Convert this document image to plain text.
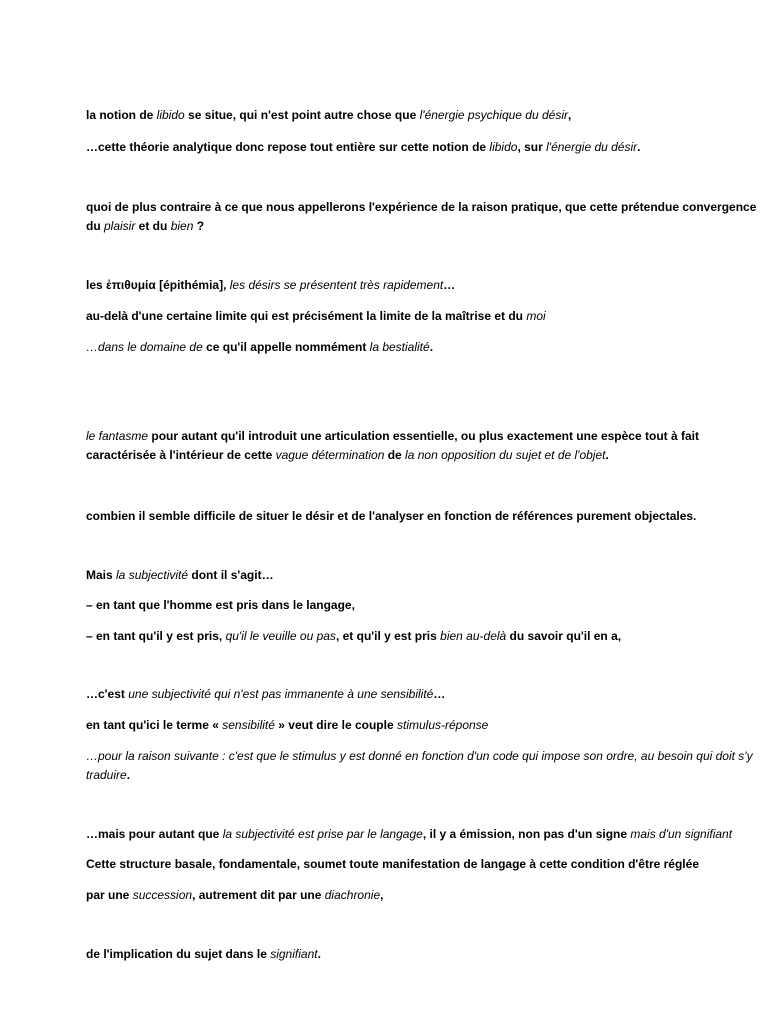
la notion de libido se situe, qui n'est point autre chose que l'énergie psychique du désir,
…cette théorie analytique donc repose tout entière sur cette notion de libido, sur l'énergie du désir.
quoi de plus contraire à ce que nous appellerons l'expérience de la raison pratique, que cette prétendue convergence du plaisir et du bien ?
les ἐπιθυμία [épithémia], les désirs se présentent très rapidement…
au-delà d'une certaine limite qui est précisément la limite de la maîtrise et du moi
…dans le domaine de ce qu'il appelle nommément la bestialité.
le fantasme pour autant qu'il introduit une articulation essentielle, ou plus exactement une espèce tout à fait caractérisée à l'intérieur de cette vague détermination de la non opposition du sujet et de l'objet.
combien il semble difficile de situer le désir et de l'analyser en fonction de références purement objectales.
Mais la subjectivité dont il s'agit…
– en tant que l'homme est pris dans le langage,
– en tant qu'il y est pris, qu'il le veuille ou pas, et qu'il y est pris bien au-delà du savoir qu'il en a,
…c'est une subjectivité qui n'est pas immanente à une sensibilité…
en tant qu'ici le terme « sensibilité » veut dire le couple stimulus-réponse
…pour la raison suivante : c'est que le stimulus y est donné en fonction d'un code qui impose son ordre, au besoin qui doit s'y traduire.
…mais pour autant que la subjectivité est prise par le langage, il y a émission, non pas d'un signe mais d'un signifiant
Cette structure basale, fondamentale, soumet toute manifestation de langage à cette condition d'être réglée
par une succession, autrement dit par une diachronie,
de l'implication du sujet dans le signifiant.
